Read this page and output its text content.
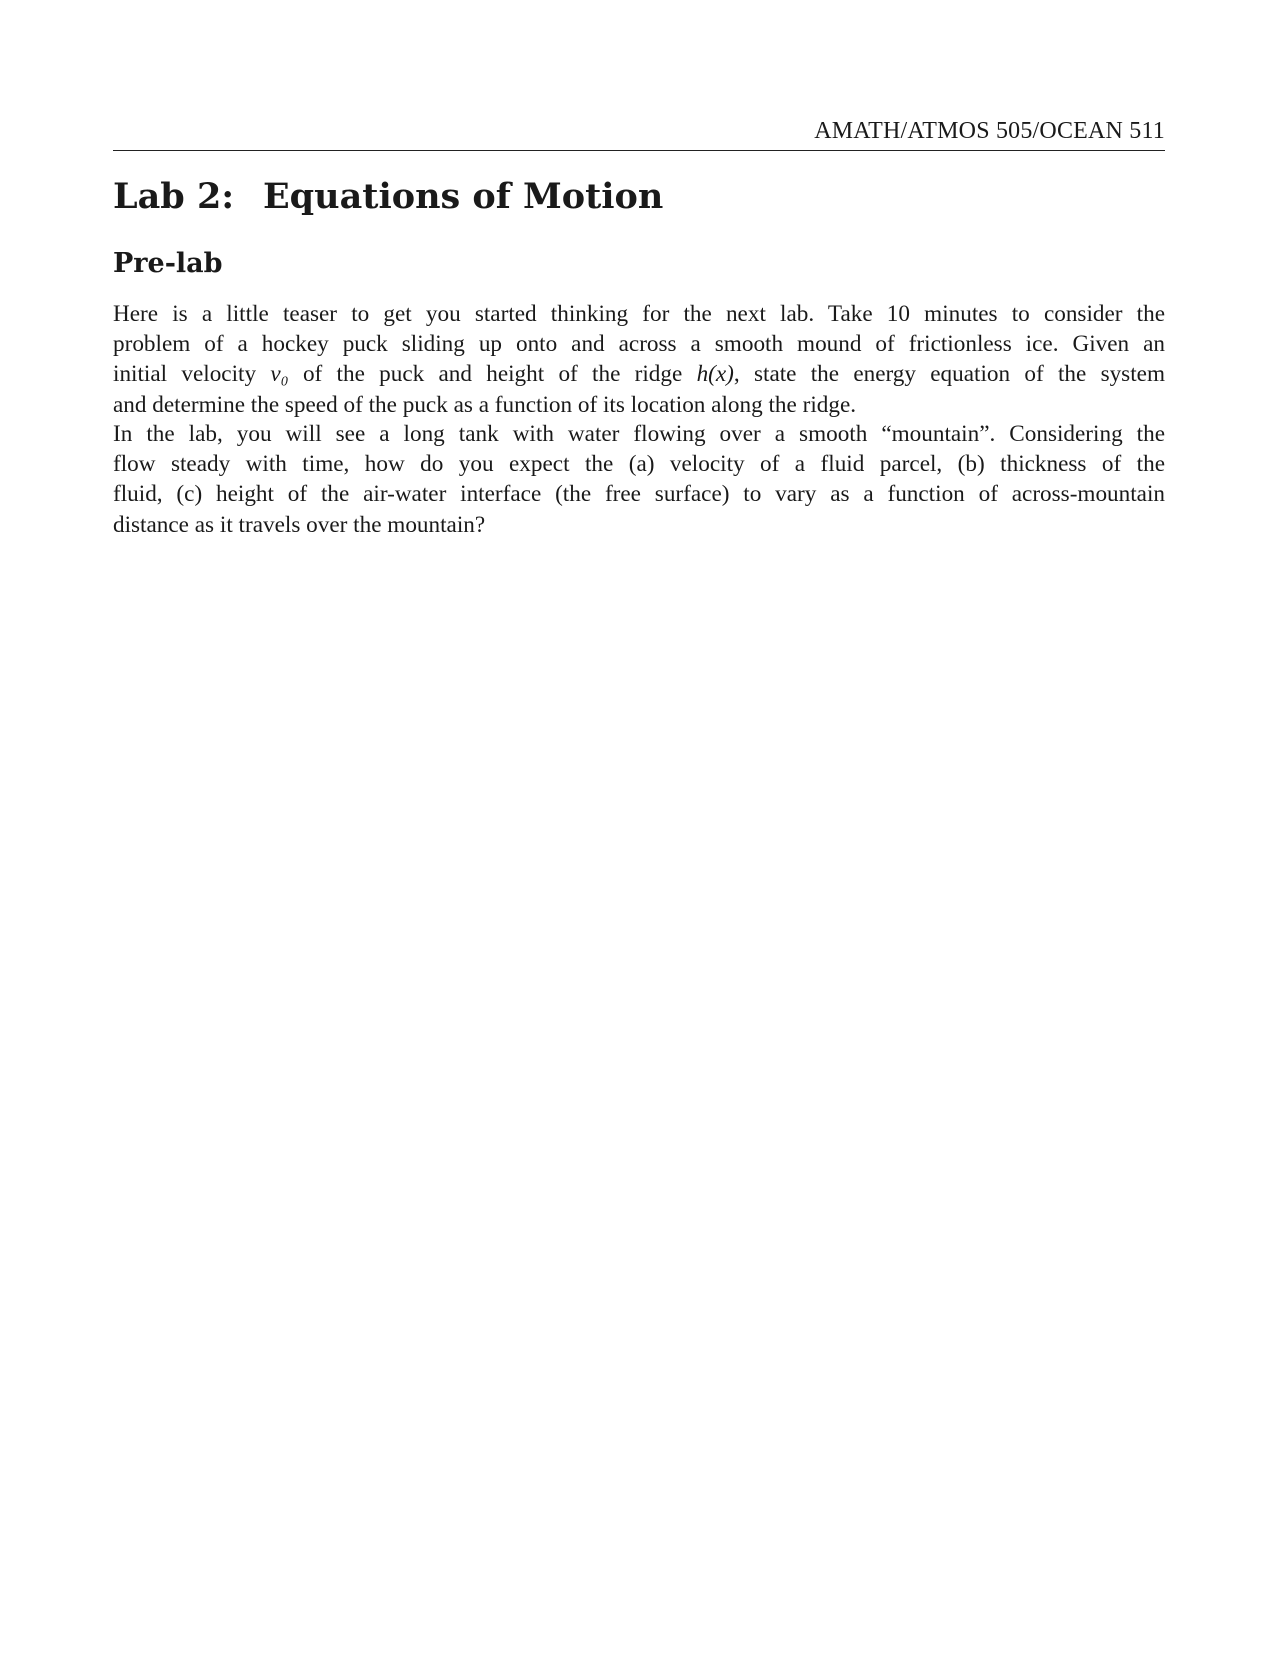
AMATH/ATMOS 505/OCEAN 511
Lab 2: Equations of Motion
Pre-lab
Here is a little teaser to get you started thinking for the next lab. Take 10 minutes to consider the
problem of a hockey puck sliding up onto and across a smooth mound of frictionless ice. Given an
initial velocity v₀ of the puck and height of the ridge h(x), state the energy equation of the system
and determine the speed of the puck as a function of its location along the ridge.
In the lab, you will see a long tank with water flowing over a smooth “mountain”. Considering the
flow steady with time, how do you expect the (a) velocity of a fluid parcel, (b) thickness of the
fluid, (c) height of the air-water interface (the free surface) to vary as a function of across-mountain
distance as it travels over the mountain?
